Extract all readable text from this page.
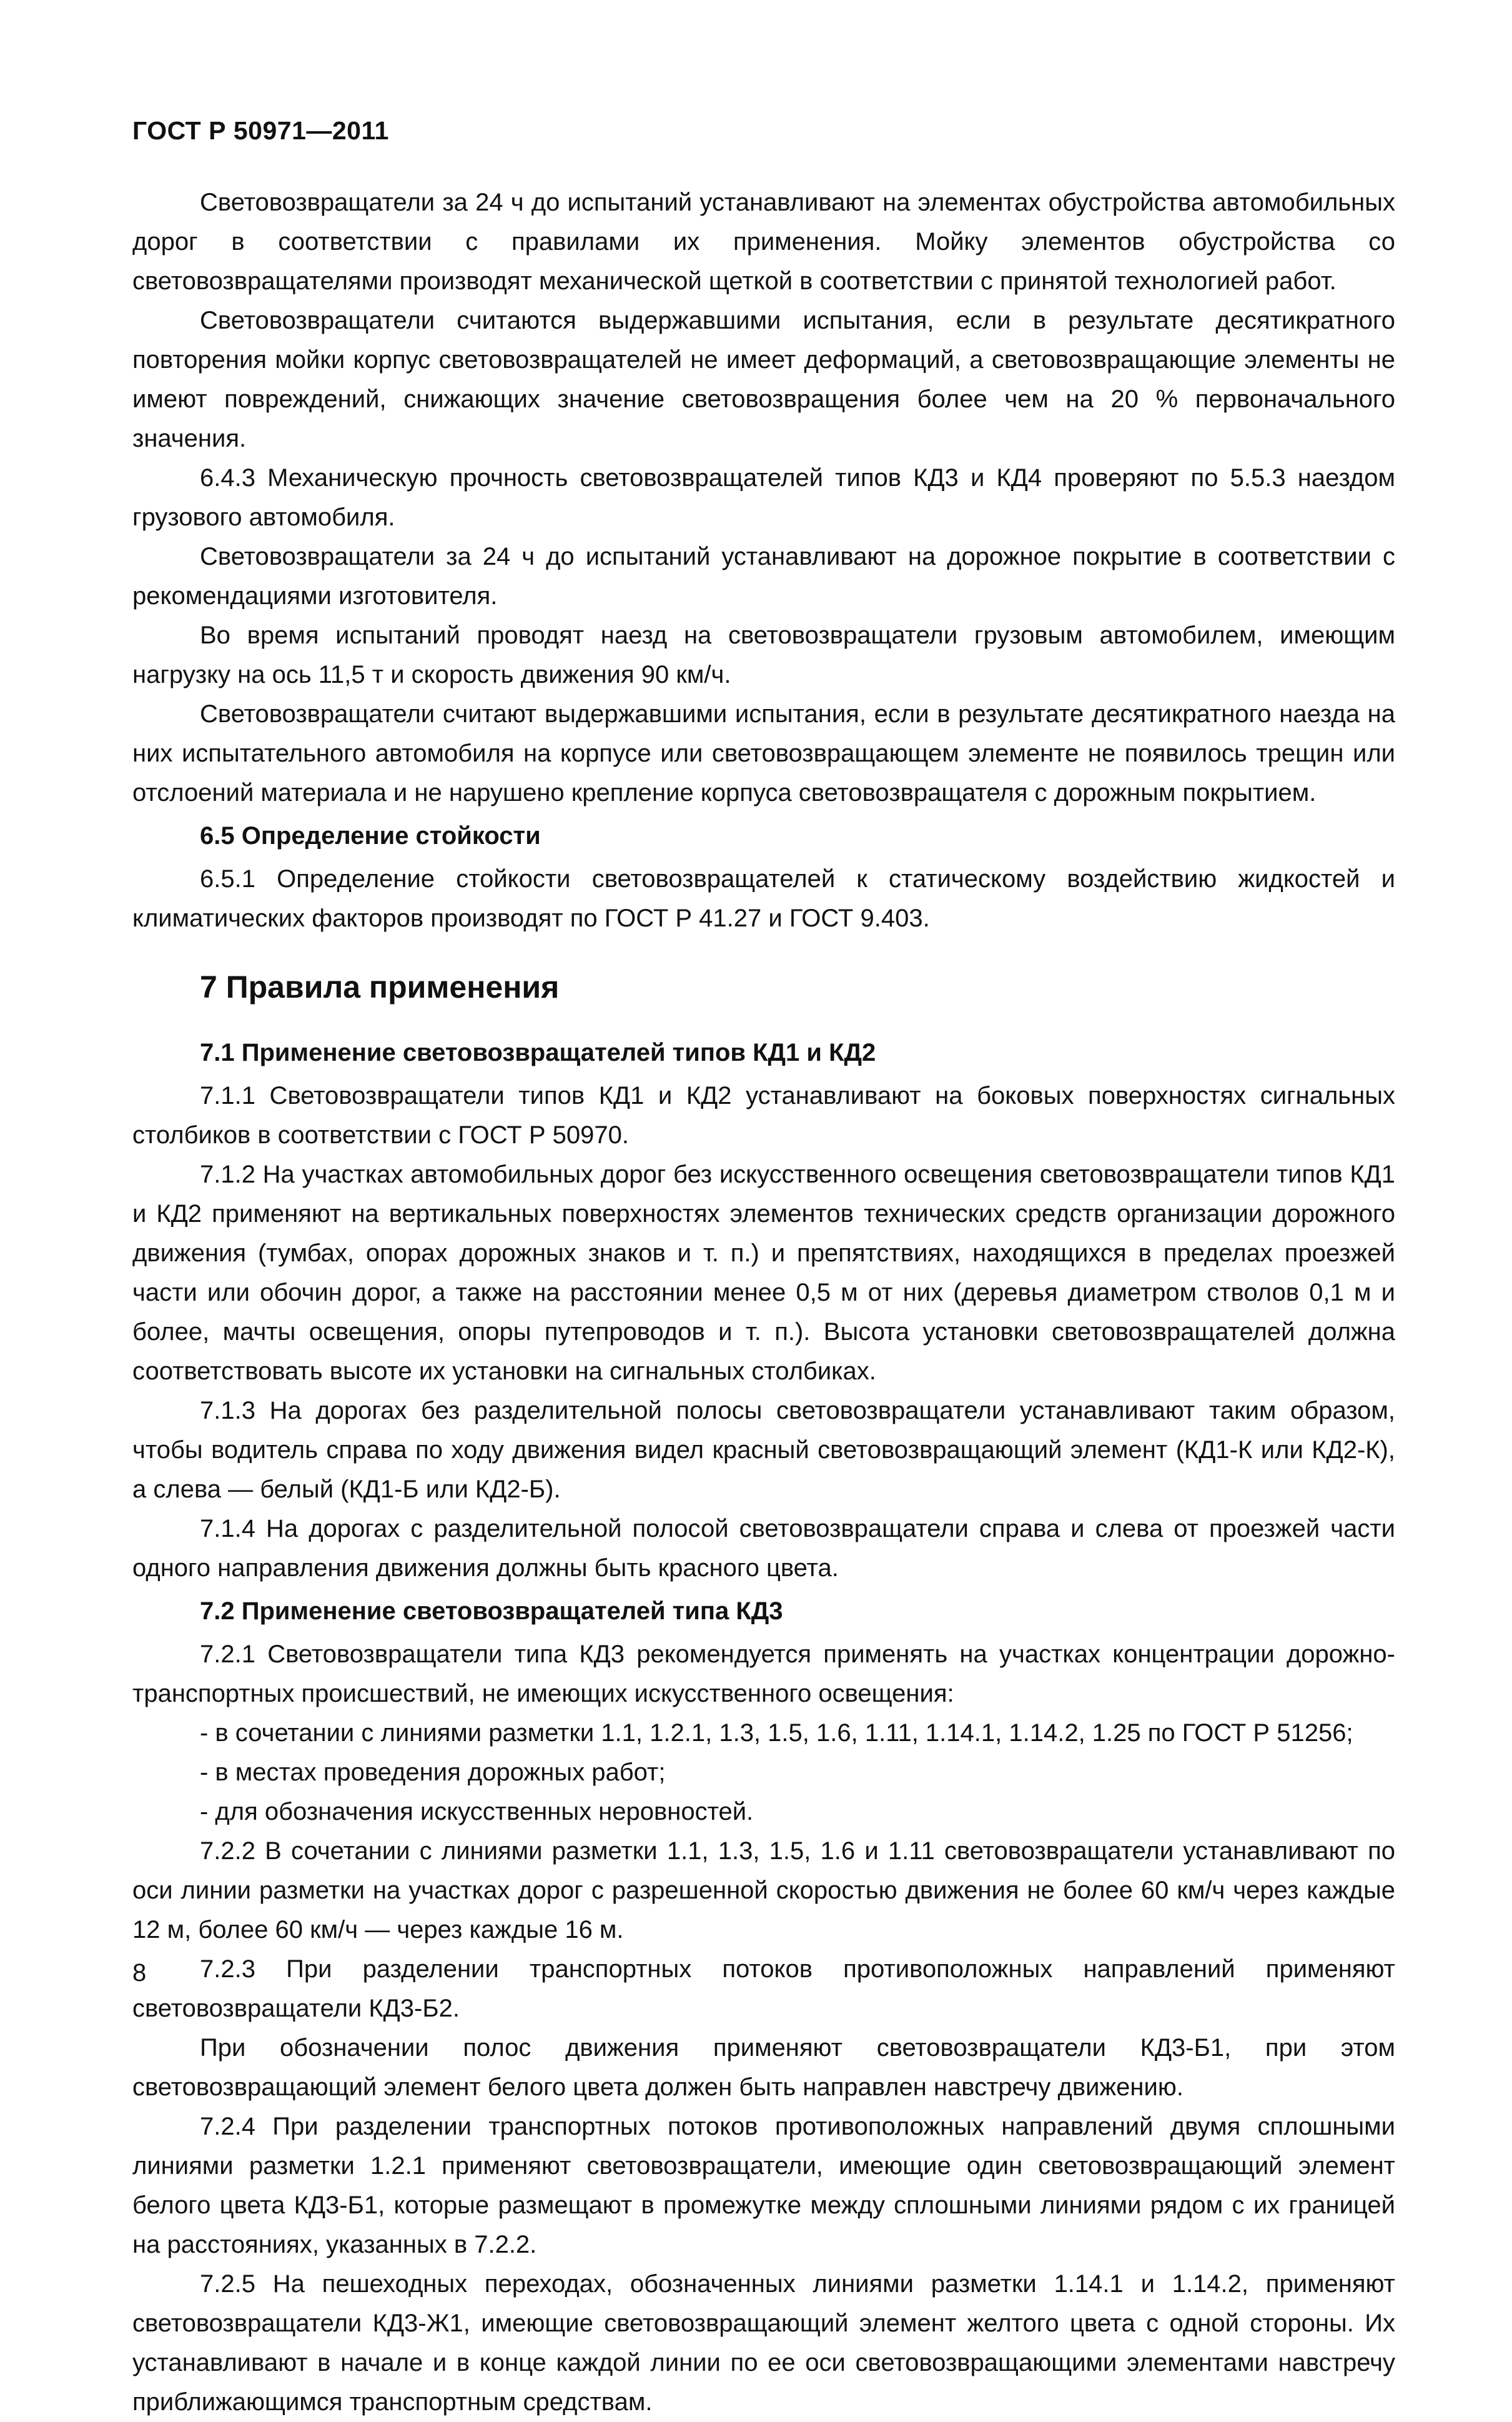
ГОСТ Р 50971—2011

Световозвращатели за 24 ч до испытаний устанавливают на элементах обустройства автомобильных дорог в соответствии с правилами их применения. Мойку элементов обустройства со световозвращателями производят механической щеткой в соответствии с принятой технологией работ.

Световозвращатели считаются выдержавшими испытания, если в результате десятикратного повторения мойки корпус световозвращателей не имеет деформаций, а световозвращающие элементы не имеют повреждений, снижающих значение световозвращения более чем на 20 % первоначального значения.

6.4.3 Механическую прочность световозвращателей типов КД3 и КД4 проверяют по 5.5.3 наездом грузового автомобиля.

Световозвращатели за 24 ч до испытаний устанавливают на дорожное покрытие в соответствии с рекомендациями изготовителя.

Во время испытаний проводят наезд на световозвращатели грузовым автомобилем, имеющим нагрузку на ось 11,5 т и скорость движения 90 км/ч.

Световозвращатели считают выдержавшими испытания, если в результате десятикратного наезда на них испытательного автомобиля на корпусе или световозвращающем элементе не появилось трещин или отслоений материала и не нарушено крепление корпуса световозвращателя с дорожным покрытием.

6.5 Определение стойкости

6.5.1 Определение стойкости световозвращателей к статическому воздействию жидкостей и климатических факторов производят по ГОСТ Р 41.27 и ГОСТ 9.403.

7 Правила применения
7.1 Применение световозвращателей типов КД1 и КД2

7.1.1 Световозвращатели типов КД1 и КД2 устанавливают на боковых поверхностях сигнальных столбиков в соответствии с ГОСТ Р 50970.

7.1.2 На участках автомобильных дорог без искусственного освещения световозвращатели типов КД1 и КД2 применяют на вертикальных поверхностях элементов технических средств организации дорожного движения (тумбах, опорах дорожных знаков и т. п.) и препятствиях, находящихся в пределах проезжей части или обочин дорог, а также на расстоянии менее 0,5 м от них (деревья диаметром стволов 0,1 м и более, мачты освещения, опоры путепроводов и т. п.). Высота установки световозвращателей должна соответствовать высоте их установки на сигнальных столбиках.

7.1.3 На дорогах без разделительной полосы световозвращатели устанавливают таким образом, чтобы водитель справа по ходу движения видел красный световозвращающий элемент (КД1-К или КД2-К), а слева — белый (КД1-Б или КД2-Б).

7.1.4 На дорогах с разделительной полосой световозвращатели справа и слева от проезжей части одного направления движения должны быть красного цвета.

7.2 Применение световозвращателей типа КД3

7.2.1 Световозвращатели типа КД3 рекомендуется применять на участках концентрации дорожно-транспортных происшествий, не имеющих искусственного освещения:

- в сочетании с линиями разметки 1.1, 1.2.1, 1.3, 1.5, 1.6, 1.11, 1.14.1, 1.14.2, 1.25 по ГОСТ Р 51256;

- в местах проведения дорожных работ;

- для обозначения искусственных неровностей.

7.2.2 В сочетании с линиями разметки 1.1, 1.3, 1.5, 1.6 и 1.11 световозвращатели устанавливают по оси линии разметки на участках дорог с разрешенной скоростью движения не более 60 км/ч через каждые 12 м, более 60 км/ч — через каждые 16 м.

7.2.3 При разделении транспортных потоков противоположных направлений применяют световозвращатели КД3-Б2.

При обозначении полос движения применяют световозвращатели КД3-Б1, при этом световозвращающий элемент белого цвета должен быть направлен навстречу движению.

7.2.4 При разделении транспортных потоков противоположных направлений двумя сплошными линиями разметки 1.2.1 применяют световозвращатели, имеющие один световозвращающий элемент белого цвета КД3-Б1, которые размещают в промежутке между сплошными линиями рядом с их границей на расстояниях, указанных в 7.2.2.

7.2.5 На пешеходных переходах, обозначенных линиями разметки 1.14.1 и 1.14.2, применяют световозвращатели КД3-Ж1, имеющие световозвращающий элемент желтого цвета с одной стороны. Их устанавливают в начале и в конце каждой линии по ее оси световозвращающими элементами навстречу приближающимся транспортным средствам.

8
